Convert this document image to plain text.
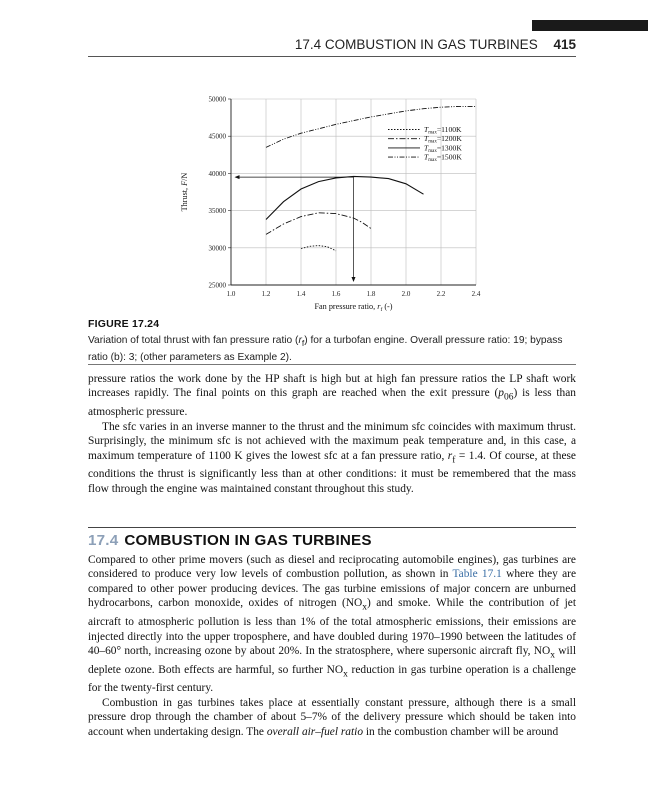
17.4 COMBUSTION IN GAS TURBINES 415
1.0	1.2	1.4	1.6	1.8	2.0	2.2	2.4
25000
30000
35000
40000
45000
50000
Tmax=1100K
Tmax=1200K
Tmax=1300K
Tmax=1500K
Fan pressure ratio, $r_f$ (-)
Thrust, F/N
FIGURE 17.24
Variation of total thrust with fan pressure ratio $(r_f)$ for a turbofan engine. Overall pressure ratio: 19; bypass ratio (b): 3; (other parameters as Example 2).

pressure ratios the work done by the HP shaft is high but at high fan pressure ratios the LP shaft work increases rapidly. The final points on this graph are reached when the exit pressure $(p_{06})$ is less than atmospheric pressure.

The sfc varies in an inverse manner to the thrust and the minimum sfc coincides with maximum thrust. Surprisingly, the minimum sfc is not achieved with the maximum peak temperature and, in this case, a maximum temperature of 1100 K gives the lowest sfc at a fan pressure ratio, $r_f = 1.4$. Of course, at these conditions the thrust is significantly less than at other conditions: it must be remembered that the mass flow through the engine was maintained constant throughout this study.

17.4 COMBUSTION IN GAS TURBINES

Compared to other prime movers (such as diesel and reciprocating automobile engines), gas turbines are considered to produce very low levels of combustion pollution, as shown in Table 17.1 where they are compared to other power producing devices. The gas turbine emissions of major concern are unburned hydrocarbons, carbon monoxide, oxides of nitrogen $(NO_x)$ and smoke. While the contribution of jet aircraft to atmospheric pollution is less than 1% of the total atmospheric emissions, their emissions are injected directly into the upper troposphere, and have doubled during 1970–1990 between the latitudes of 40–60° north, increasing ozone by about 20%. In the stratosphere, where supersonic aircraft fly, $NO_x$ will deplete ozone. Both effects are harmful, so further $NO_x$ reduction in gas turbine operation is a challenge for the twenty-first century.

Combustion in gas turbines takes place at essentially constant pressure, although there is a small pressure drop through the chamber of about 5–7% of the delivery pressure which should be taken into account when undertaking design. The overall air–fuel ratio in the combustion chamber will be around
